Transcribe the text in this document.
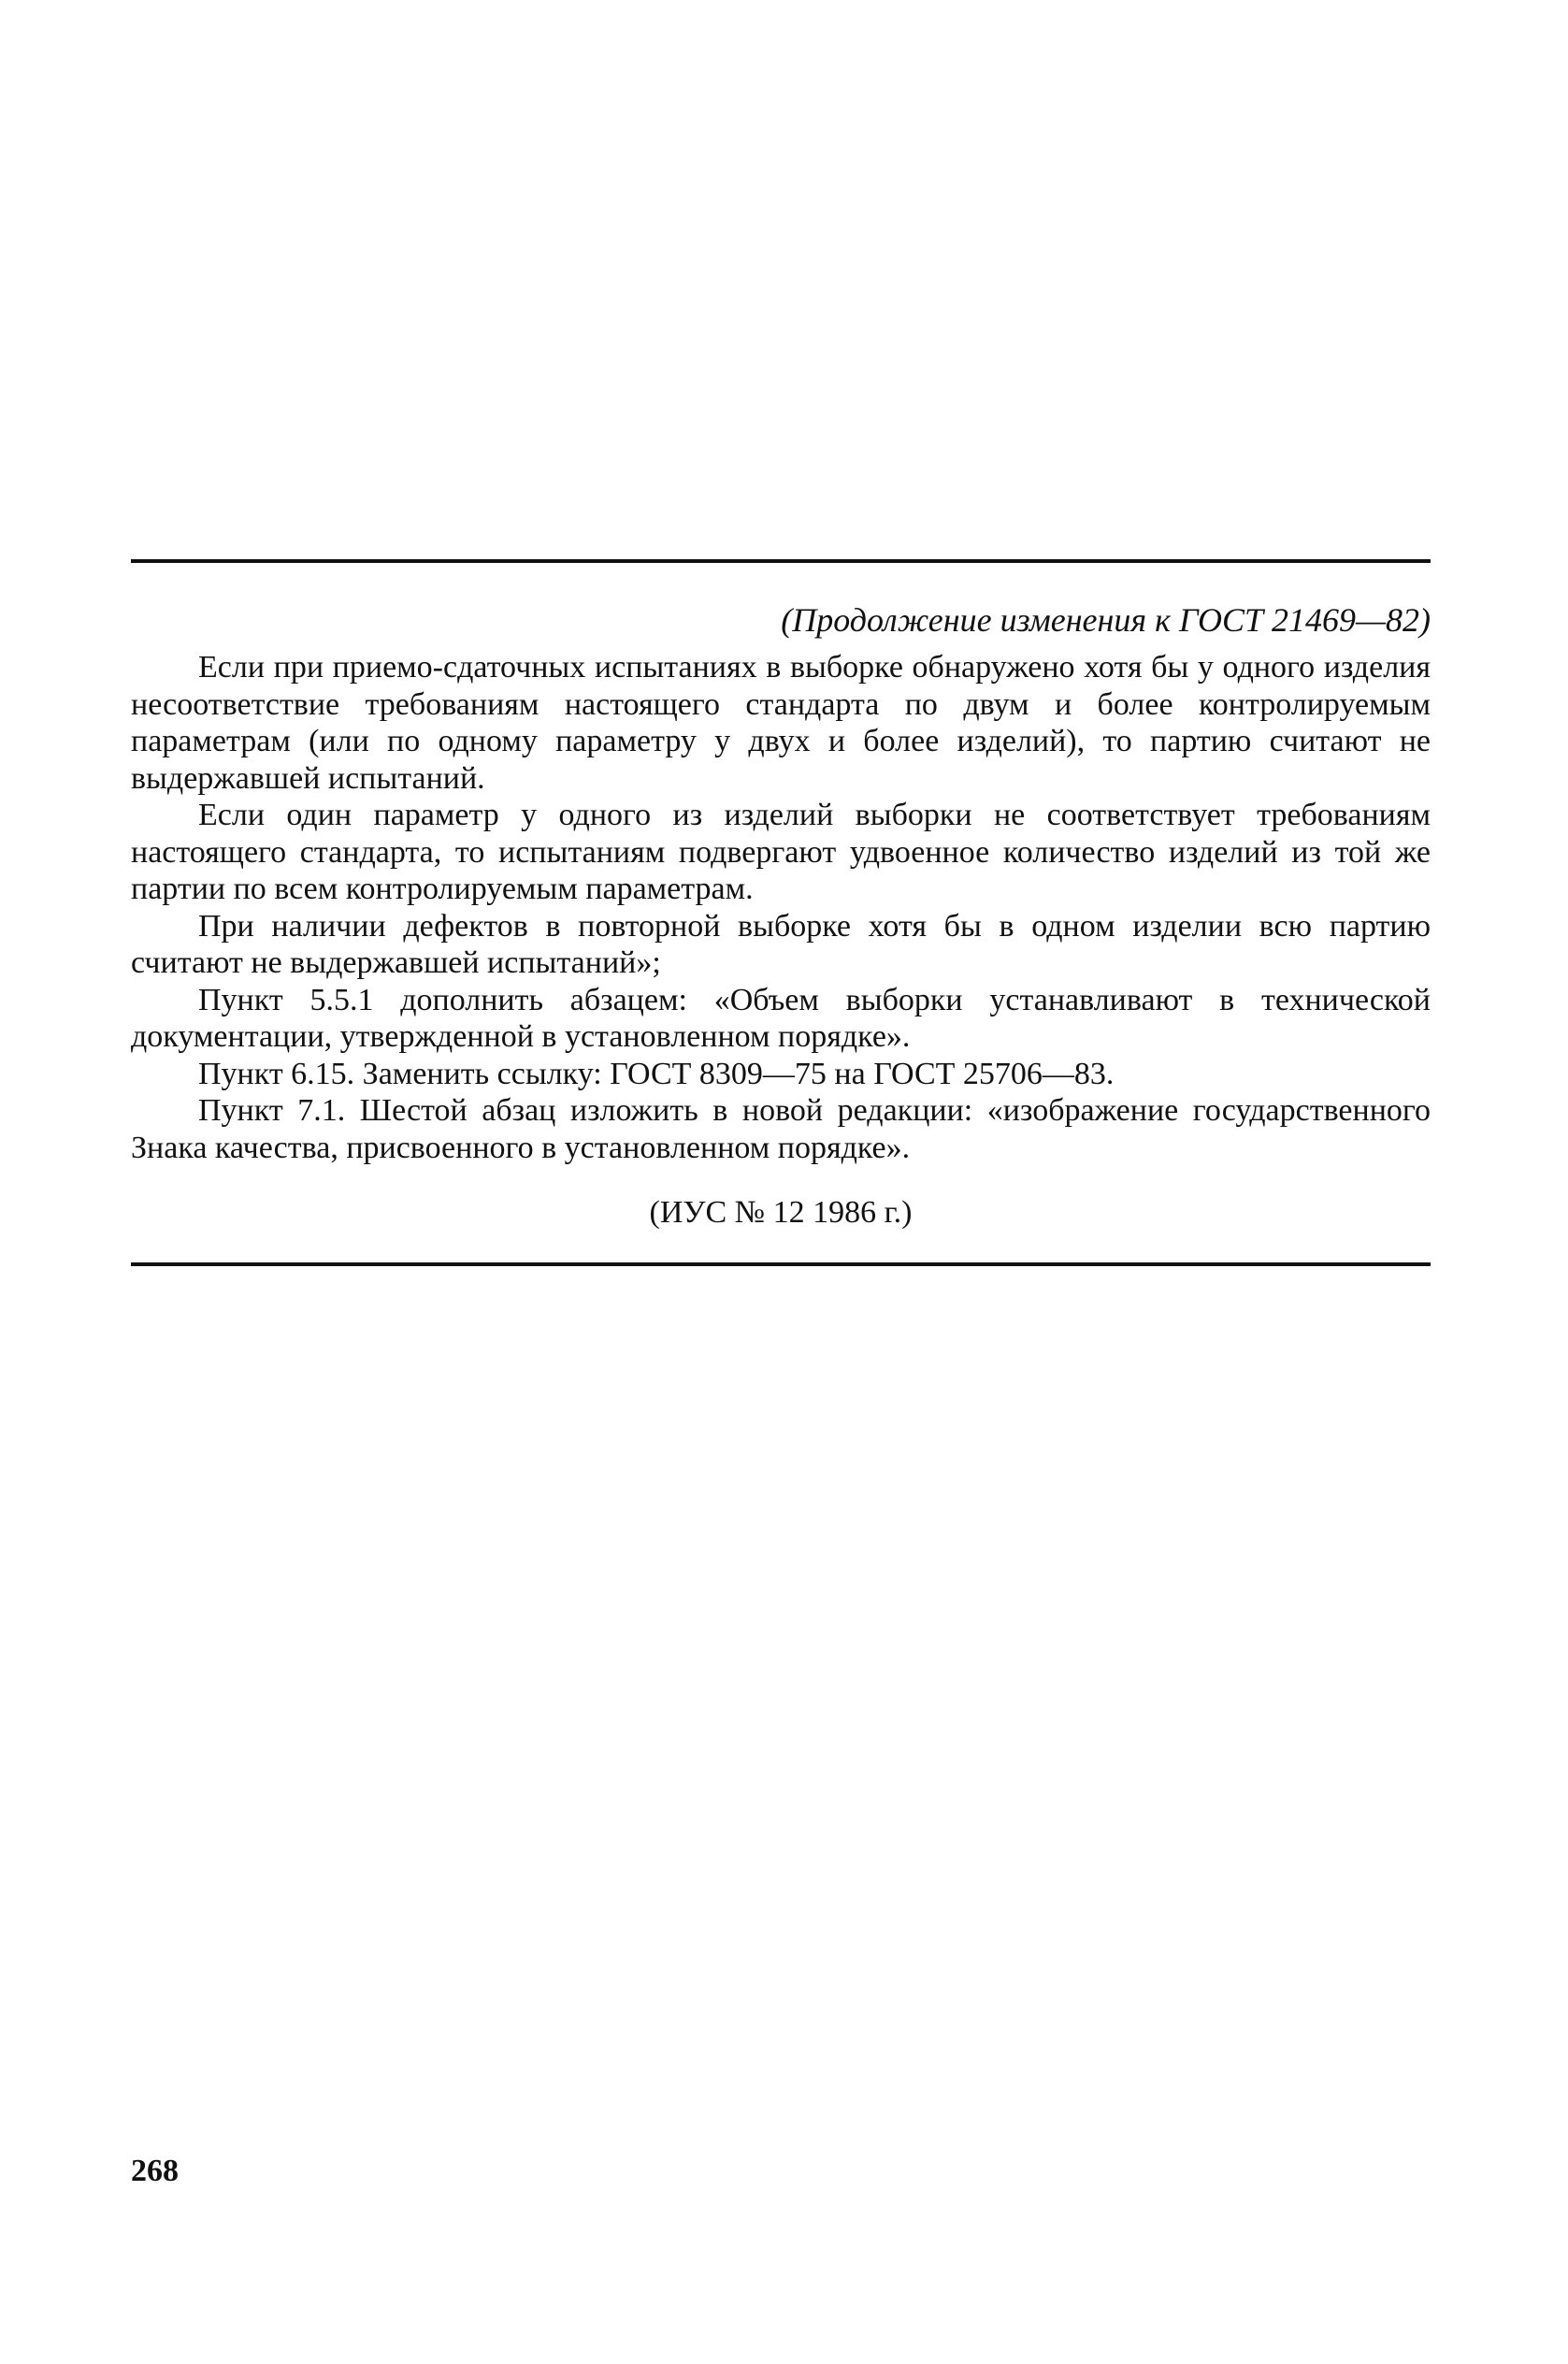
(Продолжение изменения к ГОСТ 21469—82)

Если при приемо-сдаточных испытаниях в выборке обнаружено хотя бы у одного изделия несоответствие требованиям настоящего стандарта по двум и более контролируемым параметрам (или по одному параметру у двух и более изделий), то партию считают не выдержавшей испытаний.

Если один параметр у одного из изделий выборки не соответствует требованиям настоящего стандарта, то испытаниям подвергают удвоенное количество изделий из той же партии по всем контролируемым параметрам.

При наличии дефектов в повторной выборке хотя бы в одном изделии всю партию считают не выдержавшей испытаний»;

Пункт 5.5.1 дополнить абзацем: «Объем выборки устанавливают в технической документации, утвержденной в установленном порядке».

Пункт 6.15. Заменить ссылку: ГОСТ 8309—75 на ГОСТ 25706—83.

Пункт 7.1. Шестой абзац изложить в новой редакции: «изображение государственного Знака качества, присвоенного в установленном порядке».

(ИУС № 12 1986 г.)
268
